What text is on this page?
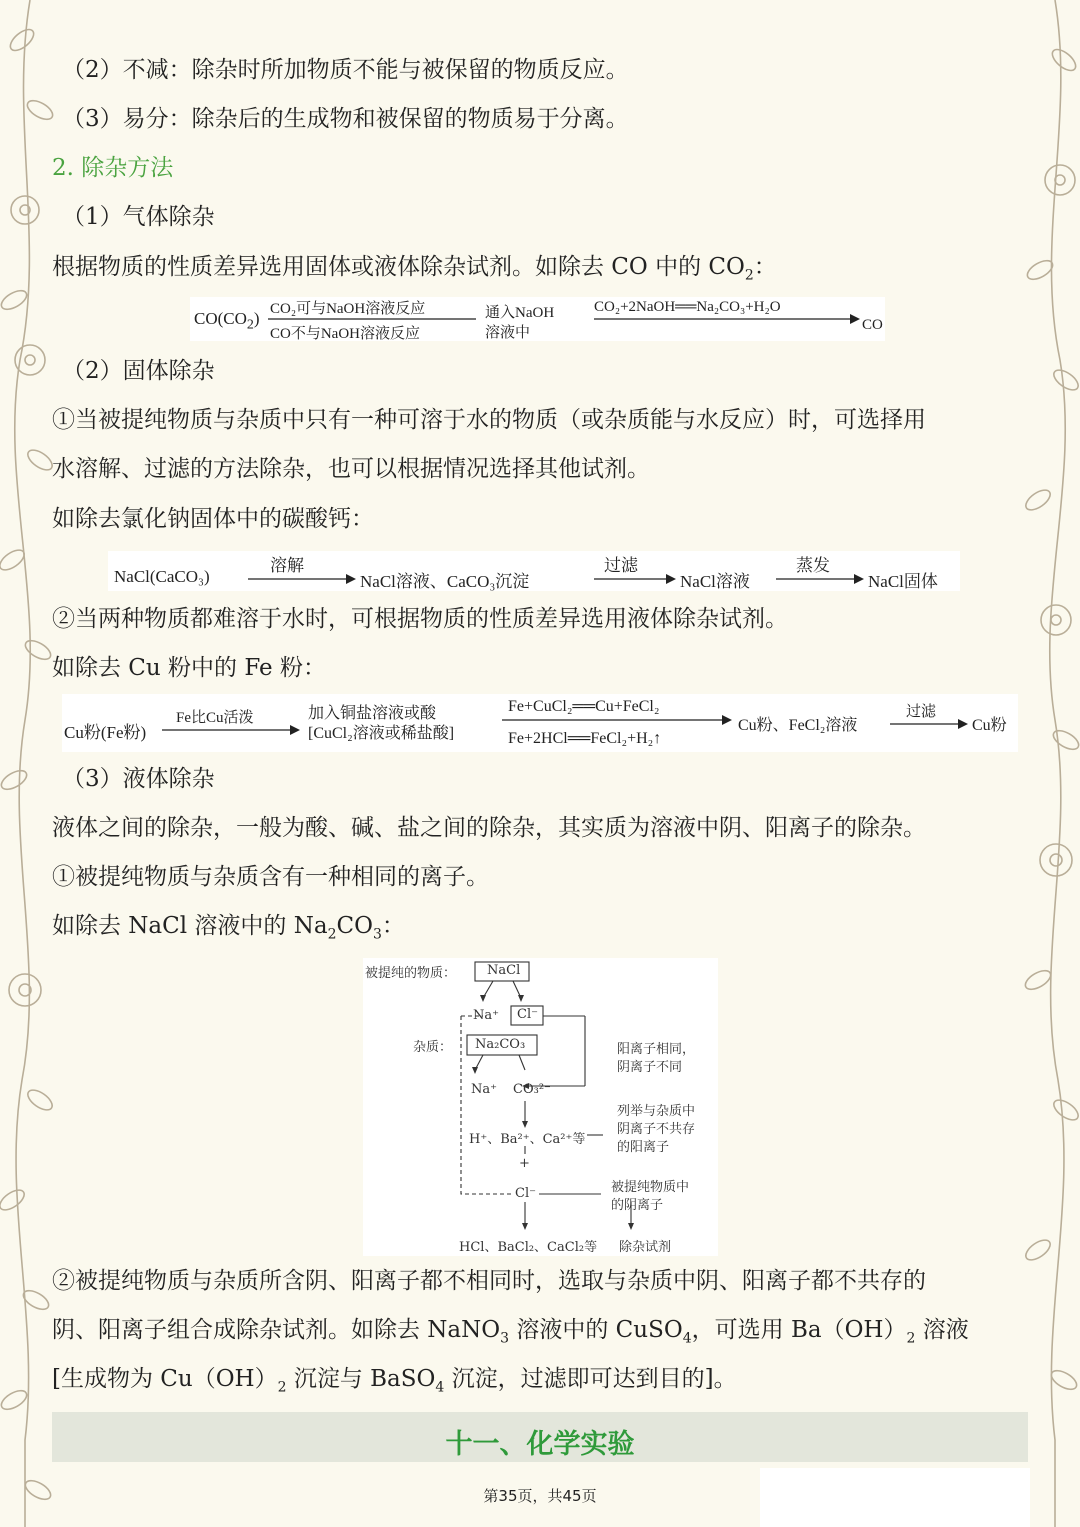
（2）不减：除杂时所加物质不能与被保留的物质反应。
（3）易分：除杂后的生成物和被保留的物质易于分离。
2. 除杂方法
（1）气体除杂
根据物质的性质差异选用固体或液体除杂试剂。如除去 CO 中的 $CO_2$：
$CO(CO_2)$ CO₂可与NaOH溶液反应
CO不与NaOH溶液反应
通入NaOH
溶液中
CO₂+2NaOH══Na₂CO₃+H₂O
CO
（2）固体除杂
①当被提纯物质与杂质中只有一种可溶于水的物质（或杂质能与水反应）时，可选择用
水溶解、过滤的方法除杂，也可以根据情况选择其他试剂。
如除去氯化钠固体中的碳酸钙：
NaCl(CaCO₃)
溶解
NaCl溶液、CaCO₃沉淀
过滤
NaCl溶液
蒸发
NaCl固体
②当两种物质都难溶于水时，可根据物质的性质差异选用液体除杂试剂。
如除去 Cu 粉中的 Fe 粉：
Cu粉(Fe粉)
Fe比Cu活泼	加入铜盐溶液或酸
[CuCl₂溶液或稀盐酸]
Fe+CuCl₂══Cu+FeCl₂
Fe+2HCl══FeCl₂+H₂↑
Cu粉、FeCl₂溶液
过滤
Cu粉
（3）液体除杂
液体之间的除杂，一般为酸、碱、盐之间的除杂，其实质为溶液中阴、阳离子的除杂。
①被提纯物质与杂质含有一种相同的离子。
如除去 NaCl 溶液中的 $Na_2CO_3$：
被提纯的物质： NaCl
Na⁺ Cl⁻
杂质： Na₂CO₃
Na⁺ CO₃²⁻
阳离子相同，
阴离子不同
H⁺、Ba²⁺、Ca²⁺等
列举与杂质中
阴离子不共存
的阳离子
+
Cl⁻	被提纯物质中
的阴离子
HCl、BaCl₂、CaCl₂等 除杂试剂
②被提纯物质与杂质所含阴、阳离子都不相同时，选取与杂质中阴、阳离子都不共存的
阴、阳离子组合成除杂试剂。如除去 NaNO$_3$ 溶液中的 CuSO$_4$，可选用 $Ba(OH)_2$ 溶液
[生成物为 $Cu(OH)_2$ 沉淀与 BaSO$_4$ 沉淀，过滤即可达到目的]。
十一、化学实验
第35页，共45页
